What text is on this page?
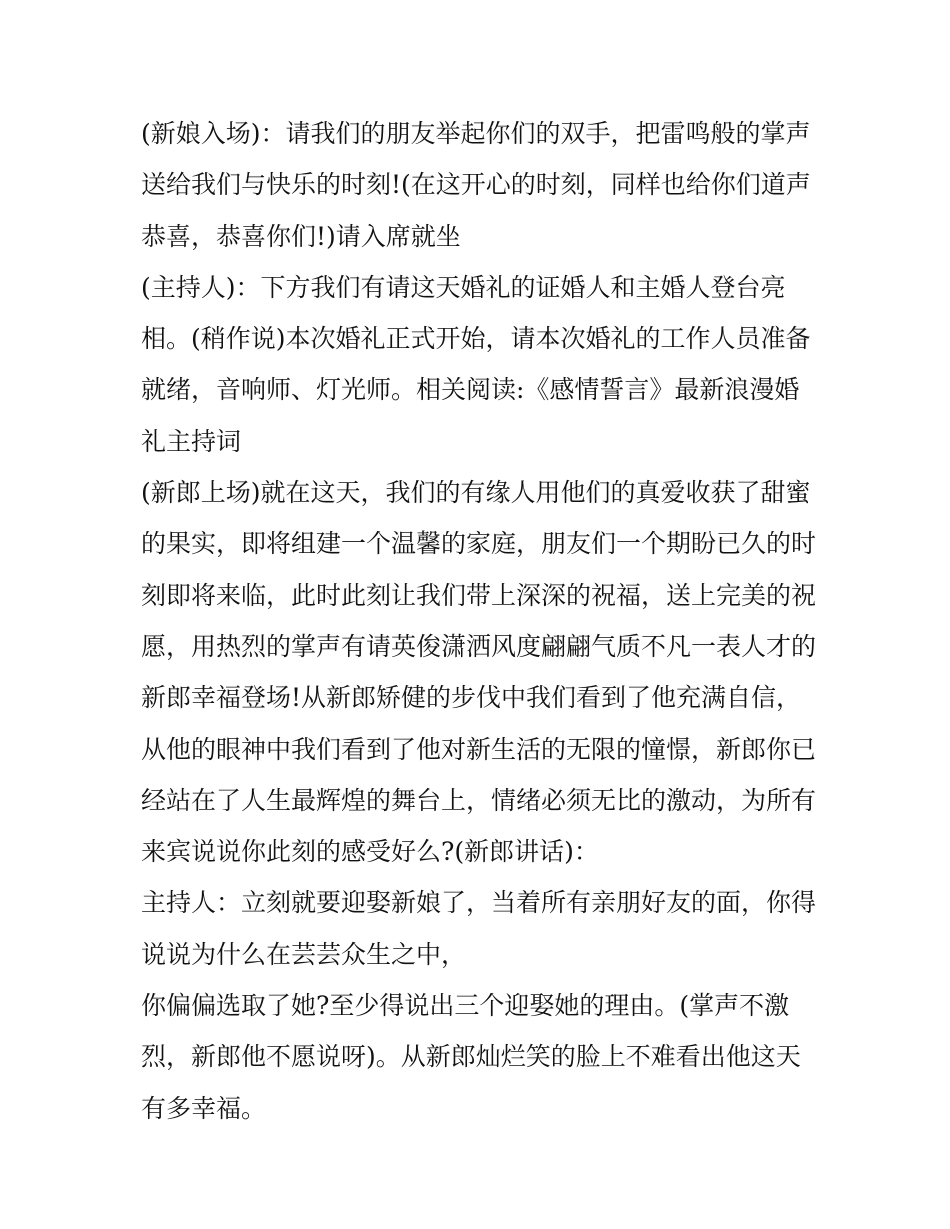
(新娘入场)：请我们的朋友举起你们的双手，把雷鸣般的掌声
送给我们与快乐的时刻!(在这开心的时刻，同样也给你们道声
恭喜，恭喜你们!)请入席就坐
(主持人)：下方我们有请这天婚礼的证婚人和主婚人登台亮
相。(稍作说)本次婚礼正式开始，请本次婚礼的工作人员准备
就绪，音响师、灯光师。相关阅读:《感情誓言》最新浪漫婚
礼主持词
(新郎上场)就在这天，我们的有缘人用他们的真爱收获了甜蜜
的果实，即将组建一个温馨的家庭，朋友们一个期盼已久的时
刻即将来临，此时此刻让我们带上深深的祝福，送上完美的祝
愿，用热烈的掌声有请英俊潇洒风度翩翩气质不凡一表人才的
新郎幸福登场!从新郎矫健的步伐中我们看到了他充满自信，
从他的眼神中我们看到了他对新生活的无限的憧憬，新郎你已
经站在了人生最辉煌的舞台上，情绪必须无比的激动，为所有
来宾说说你此刻的感受好么?(新郎讲话)：
主持人：立刻就要迎娶新娘了，当着所有亲朋好友的面，你得
说说为什么在芸芸众生之中，
你偏偏选取了她?至少得说出三个迎娶她的理由。(掌声不激
烈，新郎他不愿说呀)。从新郎灿烂笑的脸上不难看出他这天
有多幸福。
